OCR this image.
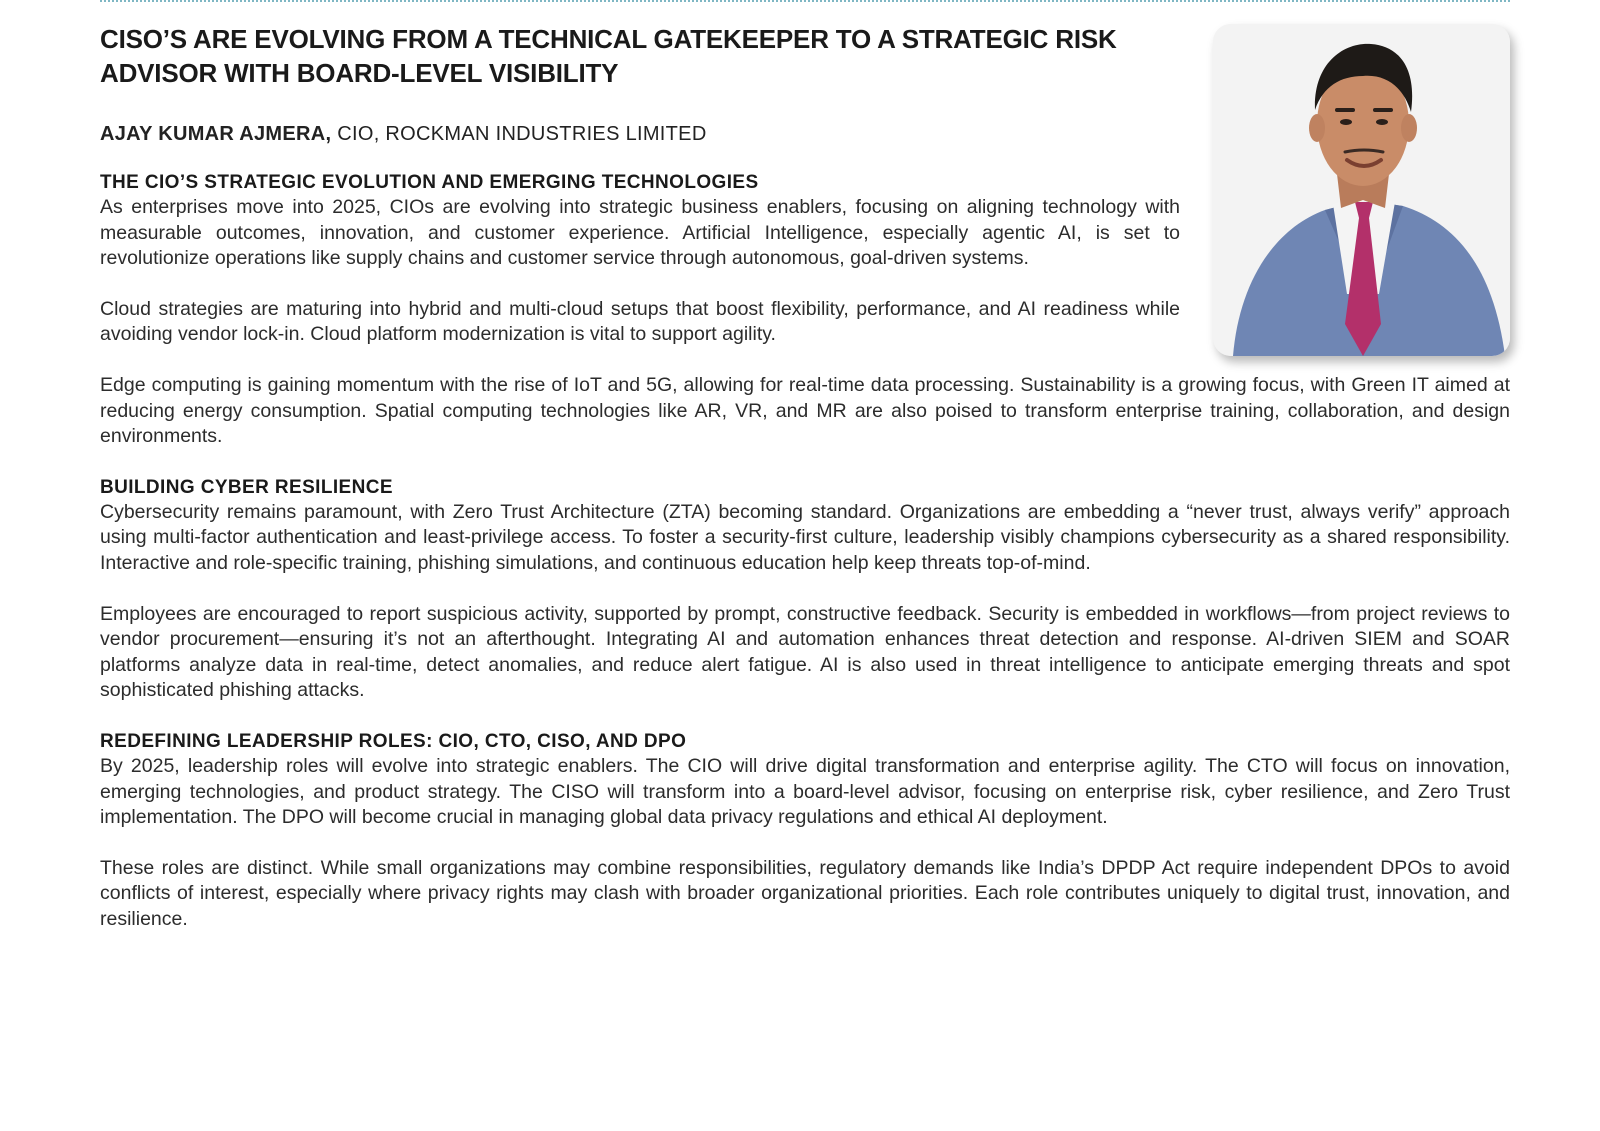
CISO’S ARE EVOLVING FROM A TECHNICAL GATEKEEPER TO A STRATEGIC RISK ADVISOR WITH BOARD-LEVEL VISIBILITY
AJAY KUMAR AJMERA, CIO, ROCKMAN INDUSTRIES LIMITED
THE CIO’S STRATEGIC EVOLUTION AND EMERGING TECHNOLOGIES

As enterprises move into 2025, CIOs are evolving into strategic business enablers, focusing on aligning technology with measurable outcomes, innovation, and customer experience. Artificial Intelligence, especially agentic AI, is set to revolutionize operations like supply chains and customer service through autonomous, goal-driven systems.

Cloud strategies are maturing into hybrid and multi-cloud setups that boost flexibility, performance, and AI readiness while avoiding vendor lock-in. Cloud platform modernization is vital to support agility.

Edge computing is gaining momentum with the rise of IoT and 5G, allowing for real-time data processing. Sustainability is a growing focus, with Green IT aimed at reducing energy consumption. Spatial computing technologies like AR, VR, and MR are also poised to transform enterprise training, collaboration, and design environments.

BUILDING CYBER RESILIENCE

Cybersecurity remains paramount, with Zero Trust Architecture (ZTA) becoming standard. Organizations are embedding a “never trust, always verify” approach using multi-factor authentication and least-privilege access. To foster a security-first culture, leadership visibly champions cybersecurity as a shared responsibility. Interactive and role-specific training, phishing simulations, and continuous education help keep threats top-of-mind.

Employees are encouraged to report suspicious activity, supported by prompt, constructive feedback. Security is embedded in workflows—from project reviews to vendor procurement—ensuring it’s not an afterthought. Integrating AI and automation enhances threat detection and response. AI-driven SIEM and SOAR platforms analyze data in real-time, detect anomalies, and reduce alert fatigue. AI is also used in threat intelligence to anticipate emerging threats and spot sophisticated phishing attacks.

REDEFINING LEADERSHIP ROLES: CIO, CTO, CISO, AND DPO

By 2025, leadership roles will evolve into strategic enablers. The CIO will drive digital transformation and enterprise agility. The CTO will focus on innovation, emerging technologies, and product strategy. The CISO will transform into a board-level advisor, focusing on enterprise risk, cyber resilience, and Zero Trust implementation. The DPO will become crucial in managing global data privacy regulations and ethical AI deployment.

These roles are distinct. While small organizations may combine responsibilities, regulatory demands like India’s DPDP Act require independent DPOs to avoid conflicts of interest, especially where privacy rights may clash with broader organizational priorities. Each role contributes uniquely to digital trust, innovation, and resilience.
